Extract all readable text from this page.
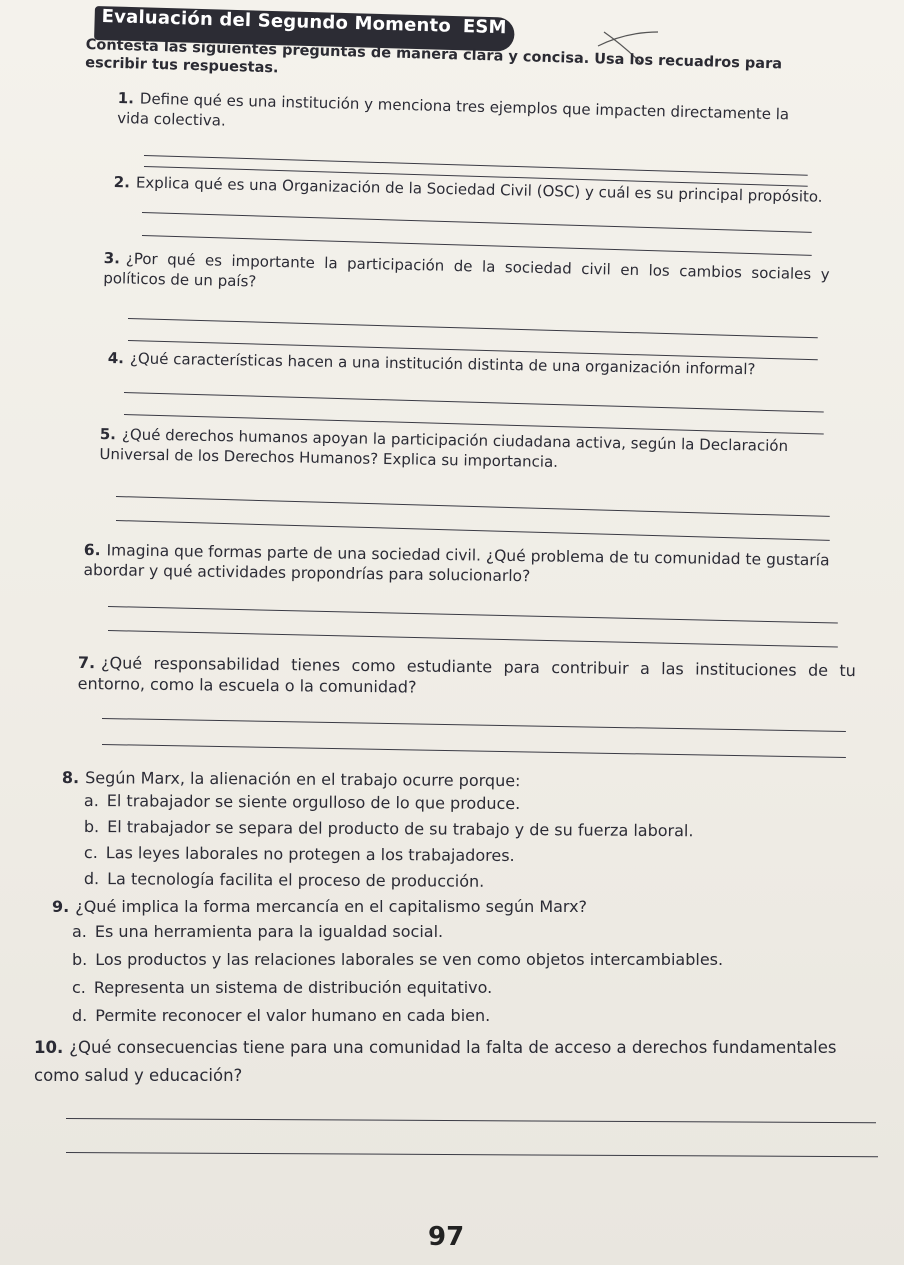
Evaluación del Segundo Momento ESM
Contesta las siguientes preguntas de manera clara y concisa. Usa los recuadros para escribir tus respuestas.
1. Define qué es una institución y menciona tres ejemplos que impacten directamente la vida colectiva.
2. Explica qué es una Organización de la Sociedad Civil (OSC) y cuál es su principal propósito.
3. ¿Por qué es importante la participación de la sociedad civil en los cambios sociales y políticos de un país?
4. ¿Qué características hacen a una institución distinta de una organización informal?
5. ¿Qué derechos humanos apoyan la participación ciudadana activa, según la Declaración Universal de los Derechos Humanos? Explica su importancia.
6. Imagina que formas parte de una sociedad civil. ¿Qué problema de tu comunidad te gustaría abordar y qué actividades propondrías para solucionarlo?
7. ¿Qué responsabilidad tienes como estudiante para contribuir a las instituciones de tu entorno, como la escuela o la comunidad?
8. Según Marx, la alienación en el trabajo ocurre porque:
a. El trabajador se siente orgulloso de lo que produce.
b. El trabajador se separa del producto de su trabajo y de su fuerza laboral.
c. Las leyes laborales no protegen a los trabajadores.
d. La tecnología facilita el proceso de producción.
9. ¿Qué implica la forma mercancía en el capitalismo según Marx?
a. Es una herramienta para la igualdad social.
b. Los productos y las relaciones laborales se ven como objetos intercambiables.
c. Representa un sistema de distribución equitativo.
d. Permite reconocer el valor humano en cada bien.
10. ¿Qué consecuencias tiene para una comunidad la falta de acceso a derechos fundamentales como salud y educación?
97
